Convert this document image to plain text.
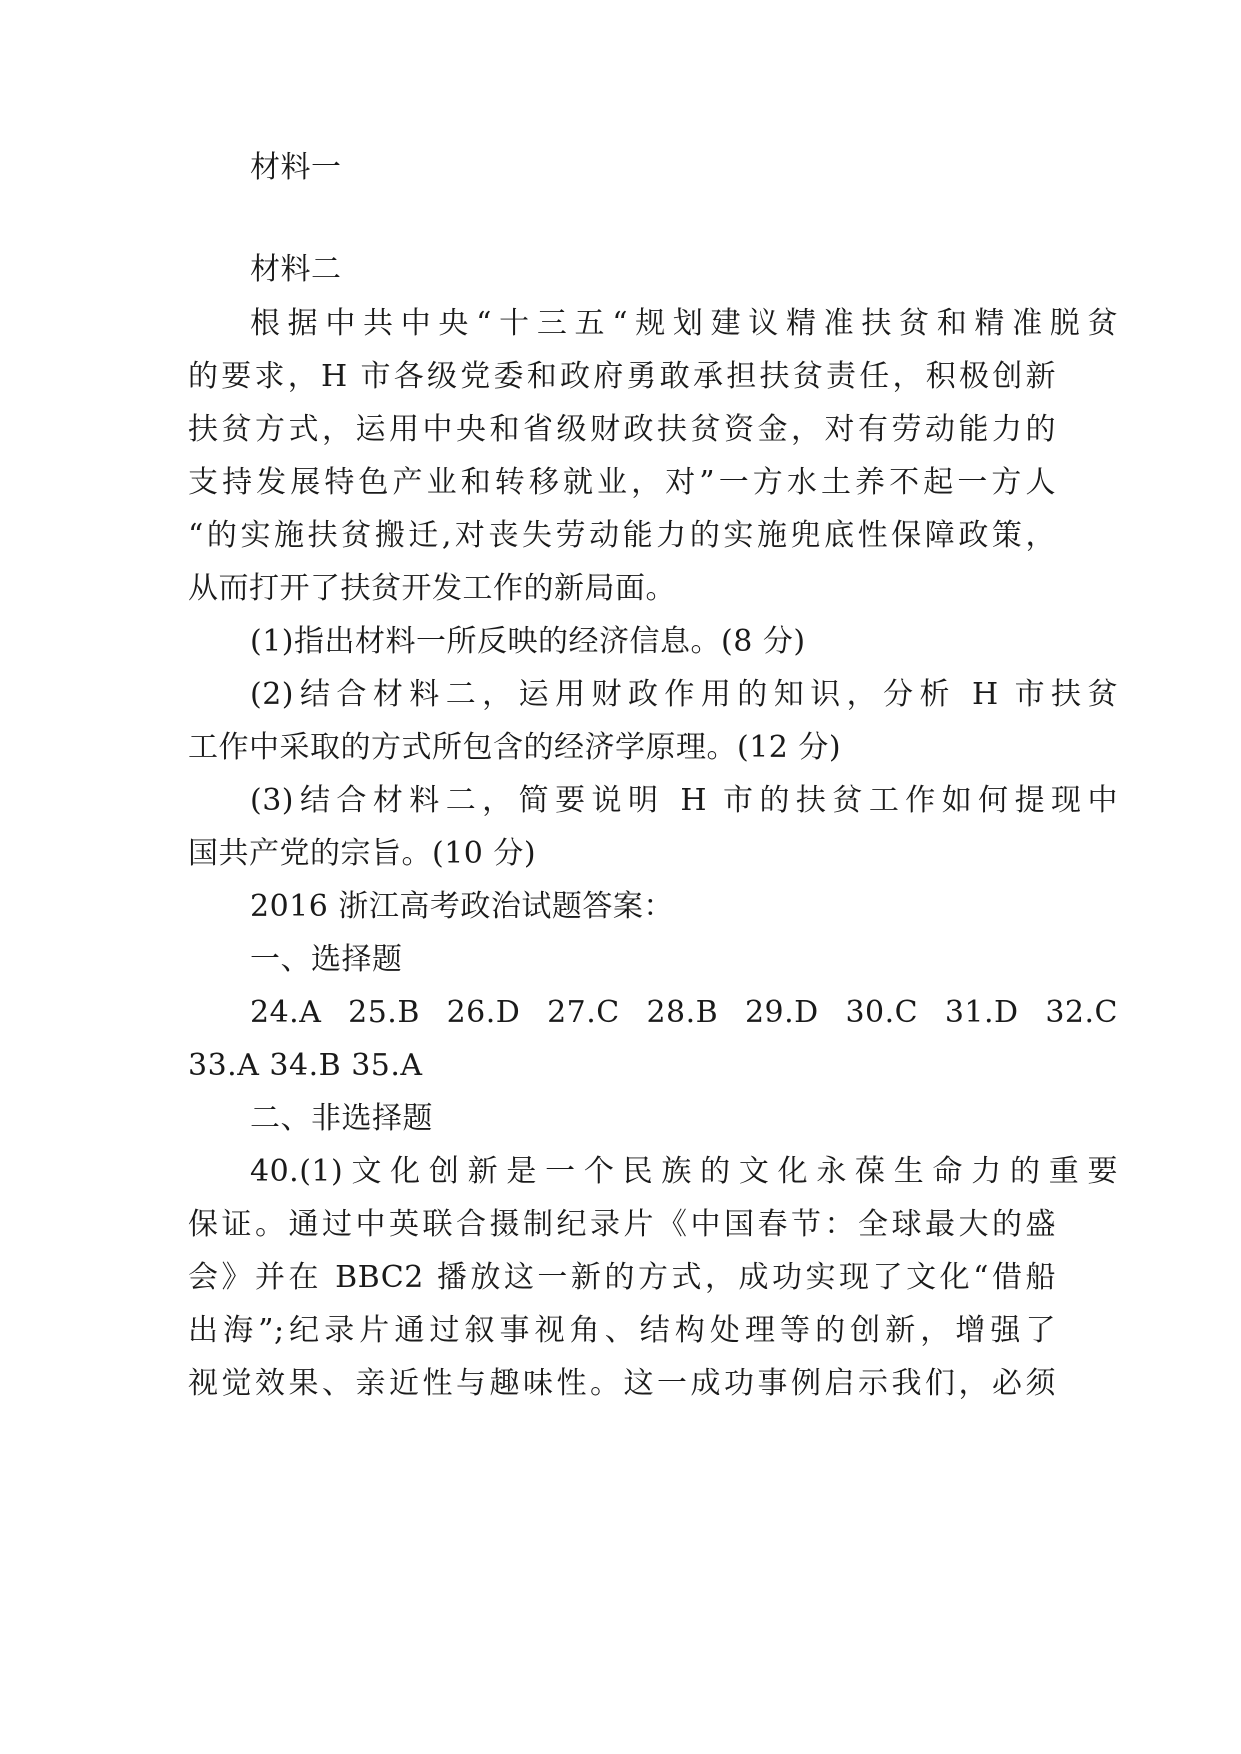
材料一
材料二
根据中共中央“十三五“规划建议精准扶贫和精准脱贫
的要求，H 市各级党委和政府勇敢承担扶贫责任，积极创新
扶贫方式，运用中央和省级财政扶贫资金，对有劳动能力的
支持发展特色产业和转移就业，对”一方水土养不起一方人
“的实施扶贫搬迁,对丧失劳动能力的实施兜底性保障政策，
从而打开了扶贫开发工作的新局面。
(1)指出材料一所反映的经济信息。(8 分)
(2)结合材料二，运用财政作用的知识，分析 H 市扶贫
工作中采取的方式所包含的经济学原理。(12 分)
(3)结合材料二，简要说明 H 市的扶贫工作如何提现中
国共产党的宗旨。(10 分)
2016 浙江高考政治试题答案：
一、选择题
24.A 25.B 26.D 27.C 28.B 29.D 30.C 31.D 32.C
33.A 34.B 35.A
二、非选择题
40.(1)文化创新是一个民族的文化永葆生命力的重要
保证。通过中英联合摄制纪录片《中国春节：全球最大的盛
会》并在 BBC2 播放这一新的方式，成功实现了文化“借船
出海”;纪录片通过叙事视角、结构处理等的创新，增强了
视觉效果、亲近性与趣味性。这一成功事例启示我们，必须
